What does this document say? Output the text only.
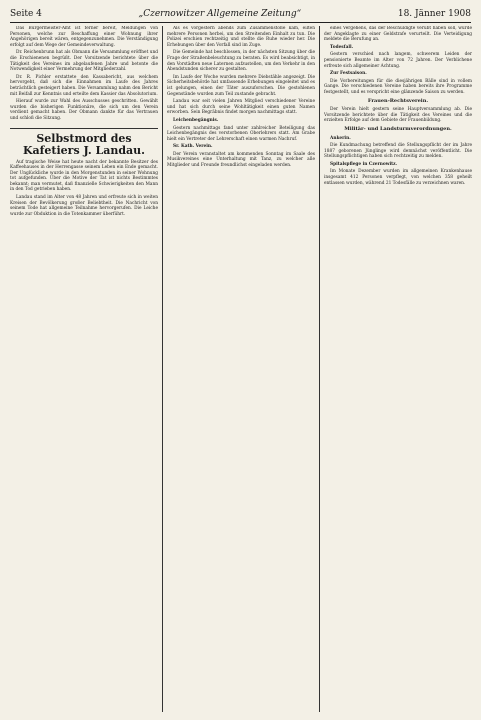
Seite 4	„Czernowitzer Allgemeine Zeitung“	18. Jänner 1908

Das Bürgermeister-Amt ist ferner bereit, Meldungen von Personen, welche zur Beschaffung einer Wohnung ihrer Angehörigen bereit wären, entgegenzunehmen. Die Verständigung erfolgt auf dem Wege der Gemeindeverwaltung.

Dr. Reichenbrunn hat als Obmann die Versammlung eröffnet und die Erschienenen begrüßt. Der Vorsitzende berichtete über die Tätigkeit des Vereines im abgelaufenen Jahre und betonte die Notwendigkeit einer Vermehrung der Mitgliederzahl.

Dr. R. Pichler erstattete den Kassabericht, aus welchem hervorgeht, daß sich die Einnahmen im Laufe des Jahres beträchtlich gesteigert haben. Die Versammlung nahm den Bericht mit Beifall zur Kenntnis und erteilte dem Kassier das Absolutorium.

Hierauf wurde zur Wahl des Ausschusses geschritten. Gewählt wurden die bisherigen Funktionäre, die sich um den Verein verdient gemacht haben. Der Obmann dankte für das Vertrauen und schloß die Sitzung.

Selbstmord des Kafetiers J. Landau.

Auf tragische Weise hat heute nacht der bekannte Besitzer des Kaffeehauses in der Herrengasse seinem Leben ein Ende gemacht. Der Unglückliche wurde in den Morgenstunden in seiner Wohnung tot aufgefunden. Über die Motive der Tat ist nichts Bestimmtes bekannt; man vermutet, daß finanzielle Schwierigkeiten den Mann in den Tod getrieben haben.

Landau stand im Alter von 48 Jahren und erfreute sich in weiten Kreisen der Bevölkerung großer Beliebtheit. Die Nachricht von seinem Tode hat allgemeine Teilnahme hervorgerufen. Die Leiche wurde zur Obduktion in die Totenkammer überführt.

Als es vorgestern abends zum Zusammenstoße kam, eilten mehrere Personen herbei, um den Streitenden Einhalt zu tun. Die Polizei erschien rechtzeitig und stellte die Ruhe wieder her. Die Erhebungen über den Vorfall sind im Zuge.

Die Gemeinde hat beschlossen, in der nächsten Sitzung über die Frage der Straßenbeleuchtung zu beraten. Es wird beabsichtigt, in den Vorstädten neue Laternen aufzustellen, um den Verkehr in den Abendstunden sicherer zu gestalten.

Im Laufe der Woche wurden mehrere Diebstähle angezeigt. Die Sicherheitsbehörde hat umfassende Erhebungen eingeleitet und es ist gelungen, einen der Täter auszuforschen. Die gestohlenen Gegenstände wurden zum Teil zustande gebracht.

Landau war seit vielen Jahren Mitglied verschiedener Vereine und hat sich durch seine Wohltätigkeit einen guten Namen erworben. Sein Begräbnis findet morgen nachmittags statt.

Leichenbegängnis.

Gestern nachmittags fand unter zahlreicher Beteiligung das Leichenbegängnis des verstorbenen Oberlehrers statt. Am Grabe hielt ein Vertreter der Lehrerschaft einen warmen Nachruf.

Sr. Kath. Verein.

Der Verein veranstaltet am kommenden Sonntag im Saale des Musikvereines eine Unterhaltung mit Tanz, zu welcher alle Mitglieder und Freunde freundlichst eingeladen werden.

eines Vergehens, das der Beschuldigte verübt haben soll, wurde der Angeklagte zu einer Geldstrafe verurteilt. Die Verteidigung meldete die Berufung an.

Todesfall.

Gestern verschied nach langem, schwerem Leiden der pensionierte Beamte im Alter von 72 Jahren. Der Verblichene erfreute sich allgemeiner Achtung.

Zur Festsaison.

Die Vorbereitungen für die diesjährigen Bälle sind in vollem Gange. Die verschiedenen Vereine haben bereits ihre Programme festgestellt, und es verspricht eine glänzende Saison zu werden.

Frauen-Rechtsverein.

Der Verein hielt gestern seine Hauptversammlung ab. Die Vorsitzende berichtete über die Tätigkeit des Vereines und die erzielten Erfolge auf dem Gebiete der Frauenbildung.

Militär- und Landsturmverordnungen.

Ankerin.

Die Kundmachung betreffend die Stellungspflicht der im Jahre 1887 geborenen Jünglinge wird demnächst veröffentlicht. Die Stellungspflichtigen haben sich rechtzeitig zu melden.

Spitalspflege in Czernowitz.

Im Monate Dezember wurden im allgemeinen Krankenhause insgesamt 412 Personen verpflegt, von welchen 358 geheilt entlassen wurden, während 21 Todesfälle zu verzeichnen waren.
